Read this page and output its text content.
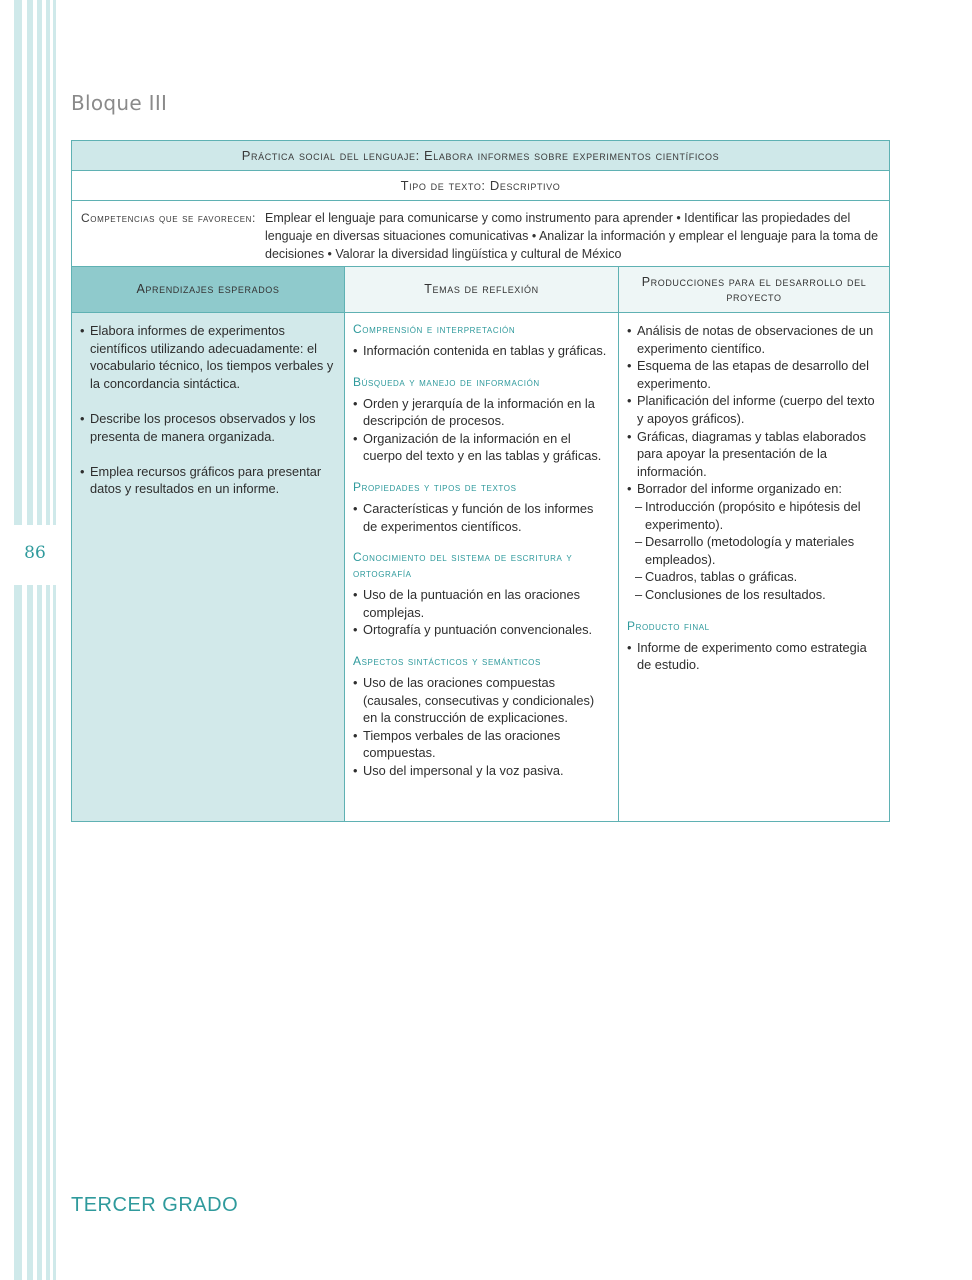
86
Bloque III
Práctica social del lenguaje: Elabora informes sobre experimentos científicos
Tipo de texto: Descriptivo
Competencias que se favorecen: Emplear el lenguaje para comunicarse y como instrumento para aprender • Identificar las propiedades del lenguaje en diversas situaciones comunicativas • Analizar la información y emplear el lenguaje para la toma de decisiones • Valorar la diversidad lingüística y cultural de México
Aprendizajes esperados	Temas de reflexión
Producciones para el desarrollo del proyecto
• Elabora informes de experimentos científicos utilizando adecuadamente: el vocabulario técnico, los tiempos verbales y la concordancia sintáctica.
• Describe los procesos observados y los presenta de manera organizada.
• Emplea recursos gráficos para presentar datos y resultados en un informe.
Comprensión e interpretación
• Información contenida en tablas y gráficas.
Búsqueda y manejo de información
• Orden y jerarquía de la información en la descripción de procesos.
• Organización de la información en el cuerpo del texto y en las tablas y gráficas.
Propiedades y tipos de textos
• Características y función de los informes de experimentos científicos.
Conocimiento del sistema de escritura y ortografía
• Uso de la puntuación en las oraciones complejas.
• Ortografía y puntuación convencionales.
Aspectos sintácticos y semánticos
• Uso de las oraciones compuestas (causales, consecutivas y condicionales) en la construcción de explicaciones.
• Tiempos verbales de las oraciones compuestas.
• Uso del impersonal y la voz pasiva.
• Análisis de notas de observaciones de un experimento científico.
• Esquema de las etapas de desarrollo del experimento.
• Planificación del informe (cuerpo del texto y apoyos gráficos).
• Gráficas, diagramas y tablas elaborados para apoyar la presentación de la información.
• Borrador del informe organizado en:
– Introducción (propósito e hipótesis del experimento).
– Desarrollo (metodología y materiales empleados).
– Cuadros, tablas o gráficas.
– Conclusiones de los resultados.
Producto final
• Informe de experimento como estrategia de estudio.
TERCER GRADO
